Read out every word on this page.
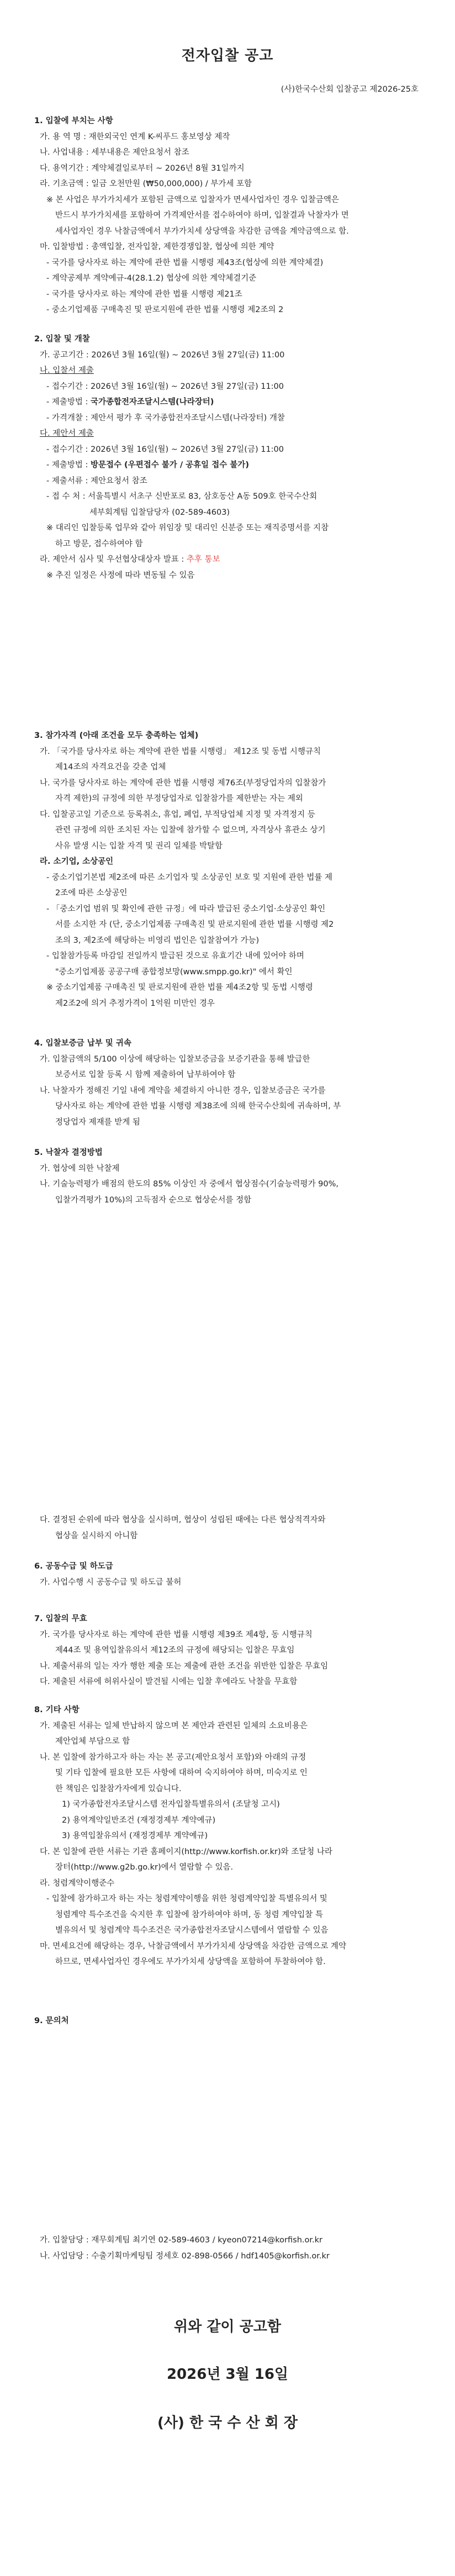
전자입찰 공고
(사)한국수산회 입찰공고 제2026-25호
1. 입찰에 부치는 사항
가. 용 역 명 : 재한외국인 연계 K-씨푸드 홍보영상 제작
나. 사업내용 : 세부내용은 제안요청서 참조
다. 용역기간 : 계약체결일로부터 ~ 2026년 8월 31일까지
라. 기초금액 : 일금 오천만원 (₩50,000,000) / 부가세 포함
※ 본 사업은 부가가치세가 포함된 금액으로 입찰자가 면세사업자인 경우 입찰금액은
반드시 부가가치세를 포함하여 가격제안서를 접수하여야 하며, 입찰결과 낙찰자가 면
세사업자인 경우 낙찰금액에서 부가가치세 상당액을 차감한 금액을 계약금액으로 함.
마. 입찰방법 : 총액입찰, 전자입찰, 제한경쟁입찰, 협상에 의한 계약
- 국가를 당사자로 하는 계약에 관한 법률 시행령 제43조(협상에 의한 계약체결)
- 계약공제부 계약예규-4(28.1.2) 협상에 의한 계약체결기준
- 국가를 당사자로 하는 계약에 관한 법률 시행령 제21조
- 중소기업제품 구매촉진 및 판로지원에 관한 법률 시행령 제2조의 2
2. 입찰 및 개찰
가. 공고기간 : 2026년 3월 16일(월) ~ 2026년 3월 27일(금) 11:00
나. 입찰서 제출
- 접수기간 : 2026년 3월 16일(월) ~ 2026년 3월 27일(금) 11:00
- 제출방법 : 국가종합전자조달시스템(나라장터)
- 가격개찰 : 제안서 평가 후 국가종합전자조달시스템(나라장터) 개찰
다. 제안서 제출
- 접수기간 : 2026년 3월 16일(월) ~ 2026년 3월 27일(금) 11:00
- 제출방법 : 방문접수 (우편접수 불가 / 공휴일 접수 불가)
- 제출서류 : 제안요청서 참조
- 접 수 처 : 서울특별시 서초구 신반포로 83, 삼호동산 A동 509호 한국수산회
세부회계팀 입찰담당자 (02-589-4603)
※ 대리인 입찰등록 업무와 같아 위임장 및 대리인 신분증 또는 재직증명서를 지참
하고 방문, 접수하여야 함
라. 제안서 심사 및 우선협상대상자 발표 : 추후 통보
※ 추진 일정은 사정에 따라 변동될 수 있음
3. 참가자격 (아래 조건을 모두 충족하는 업체)
가. 「국가를 당사자로 하는 계약에 관한 법률 시행령」 제12조 및 동법 시행규칙
제14조의 자격요건을 갖춘 업체
나. 국가를 당사자로 하는 계약에 관한 법률 시행령 제76조(부정당업자의 입찰참가
자격 제한)의 규정에 의한 부정당업자로 입찰참가를 제한받는 자는 제외
다. 입찰공고일 기준으로 등록취소, 휴업, 폐업, 부적당업체 지정 및 자격정지 등
관련 규정에 의한 조치된 자는 입찰에 참가할 수 없으며, 자격상사 휴관소 상기
사유 발생 시는 입찰 자격 및 권리 일체를 박탈함
라. 소기업, 소상공인
- 중소기업기본법 제2조에 따른 소기업자 및 소상공인 보호 및 지원에 관한 법률 제
2조에 따른 소상공인
- 「중소기업 범위 및 확인에 관한 규정」에 따라 발급된 중소기업·소상공인 확인
서를 소지한 자 (단, 중소기업제품 구매촉진 및 판로지원에 관한 법률 시행령 제2
조의 3, 제2조에 해당하는 비영리 법인은 입찰참여가 가능)
- 입찰참가등록 마감일 전일까지 발급된 것으로 유효기간 내에 있어야 하며
"중소기업제품 공공구매 종합정보망(www.smpp.go.kr)" 에서 확인
※ 중소기업제품 구매촉진 및 판로지원에 관한 법률 제4조2항 및 동법 시행령
제2조2에 의거 추정가격이 1억원 미만인 경우
4. 입찰보증금 납부 및 귀속
가. 입찰금액의 5/100 이상에 해당하는 입찰보증금을 보증기관을 통해 발급한
보증서로 입찰 등록 시 함께 제출하여 납부하여야 함
나. 낙찰자가 정해진 기일 내에 계약을 체결하지 아니한 경우, 입찰보증금은 국가를
당사자로 하는 계약에 관한 법률 시행령 제38조에 의해 한국수산회에 귀속하며, 부
정당업자 제재를 받게 됨
5. 낙찰자 결정방법
가. 협상에 의한 낙찰제
나. 기술능력평가 배점의 한도의 85% 이상인 자 중에서 협상점수(기술능력평가 90%,
입찰가격평가 10%)의 고득점자 순으로 협상순서를 정함
다. 결정된 순위에 따라 협상을 실시하며, 협상이 성립된 때에는 다른 협상적격자와
협상을 실시하지 아니함
6. 공동수급 및 하도급
가. 사업수행 시 공동수급 및 하도급 불허
7. 입찰의 무효
가. 국가를 당사자로 하는 계약에 관한 법률 시행령 제39조 제4항, 동 시행규칙
제44조 및 용역입찰유의서 제12조의 규정에 해당되는 입찰은 무효임
나. 제출서류의 일는 자가 행한 제출 또는 제출에 관한 조건을 위반한 입찰은 무효임
다. 제출된 서류에 허위사실이 발견될 시에는 입찰 후에라도 낙찰을 무효함
8. 기타 사항
가. 제출된 서류는 일체 반납하지 않으며 본 제안과 관련된 일체의 소요비용은
제안업체 부담으로 함
나. 본 입찰에 참가하고자 하는 자는 본 공고(제안요청서 포함)와 아래의 규정
및 기타 입찰에 필요한 모든 사항에 대하여 숙지하여야 하며, 미숙지로 인
한 책임은 입찰참가자에게 있습니다.
1) 국가종합전자조달시스템 전자입찰특별유의서 (조달청 고시)
2) 용역계약일반조건 (재정경제부 계약예규)
3) 용역입찰유의서 (재정경제부 계약예규)
다. 본 입찰에 관한 서류는 기관 홈페이지(http://www.korfish.or.kr)와 조달청 나라
장터(http://www.g2b.go.kr)에서 열람할 수 있음.
라. 청렴계약이행준수
- 입찰에 참가하고자 하는 자는 청렴계약이행을 위한 청렴계약입찰 특별유의서 및
청렴계약 특수조건을 숙지한 후 입찰에 참가하여야 하며, 동 청렴 계약입찰 특
별유의서 및 청렴계약 특수조건은 국가종합전자조달시스템에서 열람할 수 있음
마. 면세요건에 해당하는 경우, 낙찰금액에서 부가가치세 상당액을 차감한 금액으로 계약
하므로, 면세사업자인 경우에도 부가가치세 상당액을 포함하여 투찰하여야 함.
9. 문의처
가. 입찰담당 : 재무회계팀 최기연 02-589-4603 / kyeon07214@korfish.or.kr
나. 사업담당 : 수출기획마케팅팀 정세호 02-898-0566 / hdf1405@korfish.or.kr
위와 같이 공고함
2026년 3월 16일
(사) 한 국 수 산 회 장
